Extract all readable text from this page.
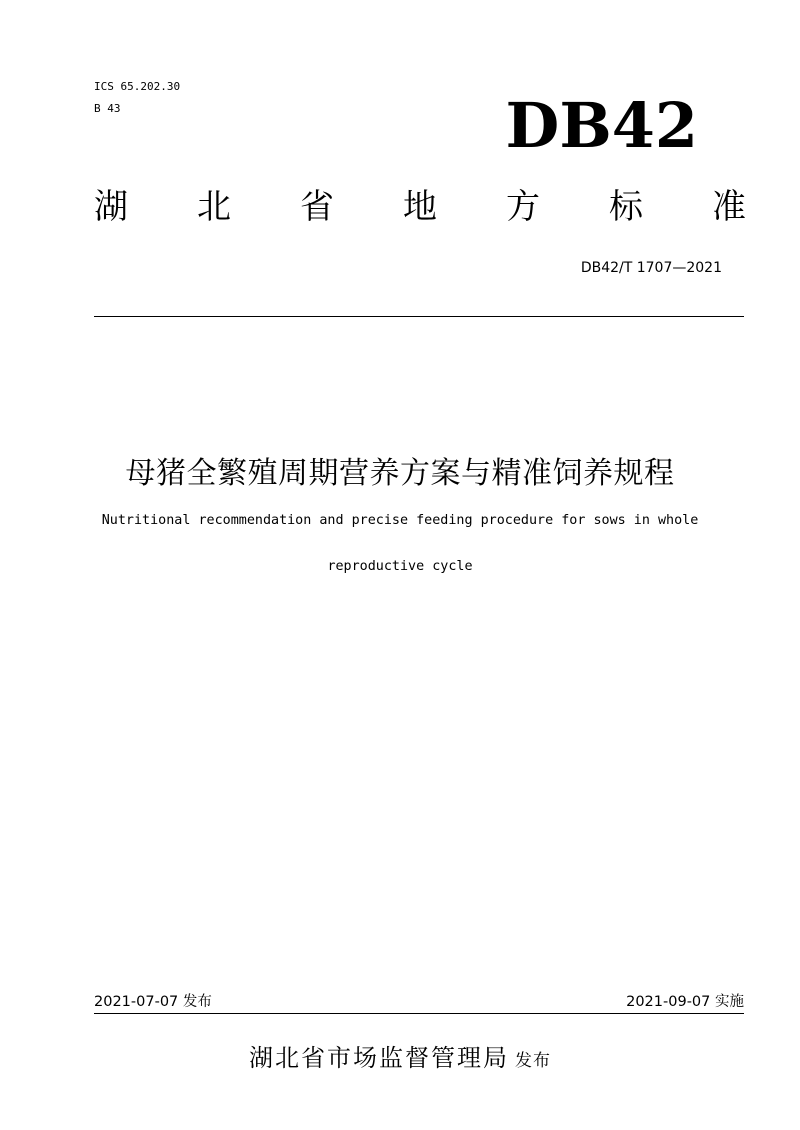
ICS 65.202.30
B 43	DB42
湖 北 省 地 方 标 准
DB42/T 1707—2021
母猪全繁殖周期营养方案与精准饲养规程
Nutritional recommendation and precise feeding procedure for sows in whole
reproductive cycle
2021-07-07 发布	2021-09-07 实施
湖北省市场监督管理局 发布
